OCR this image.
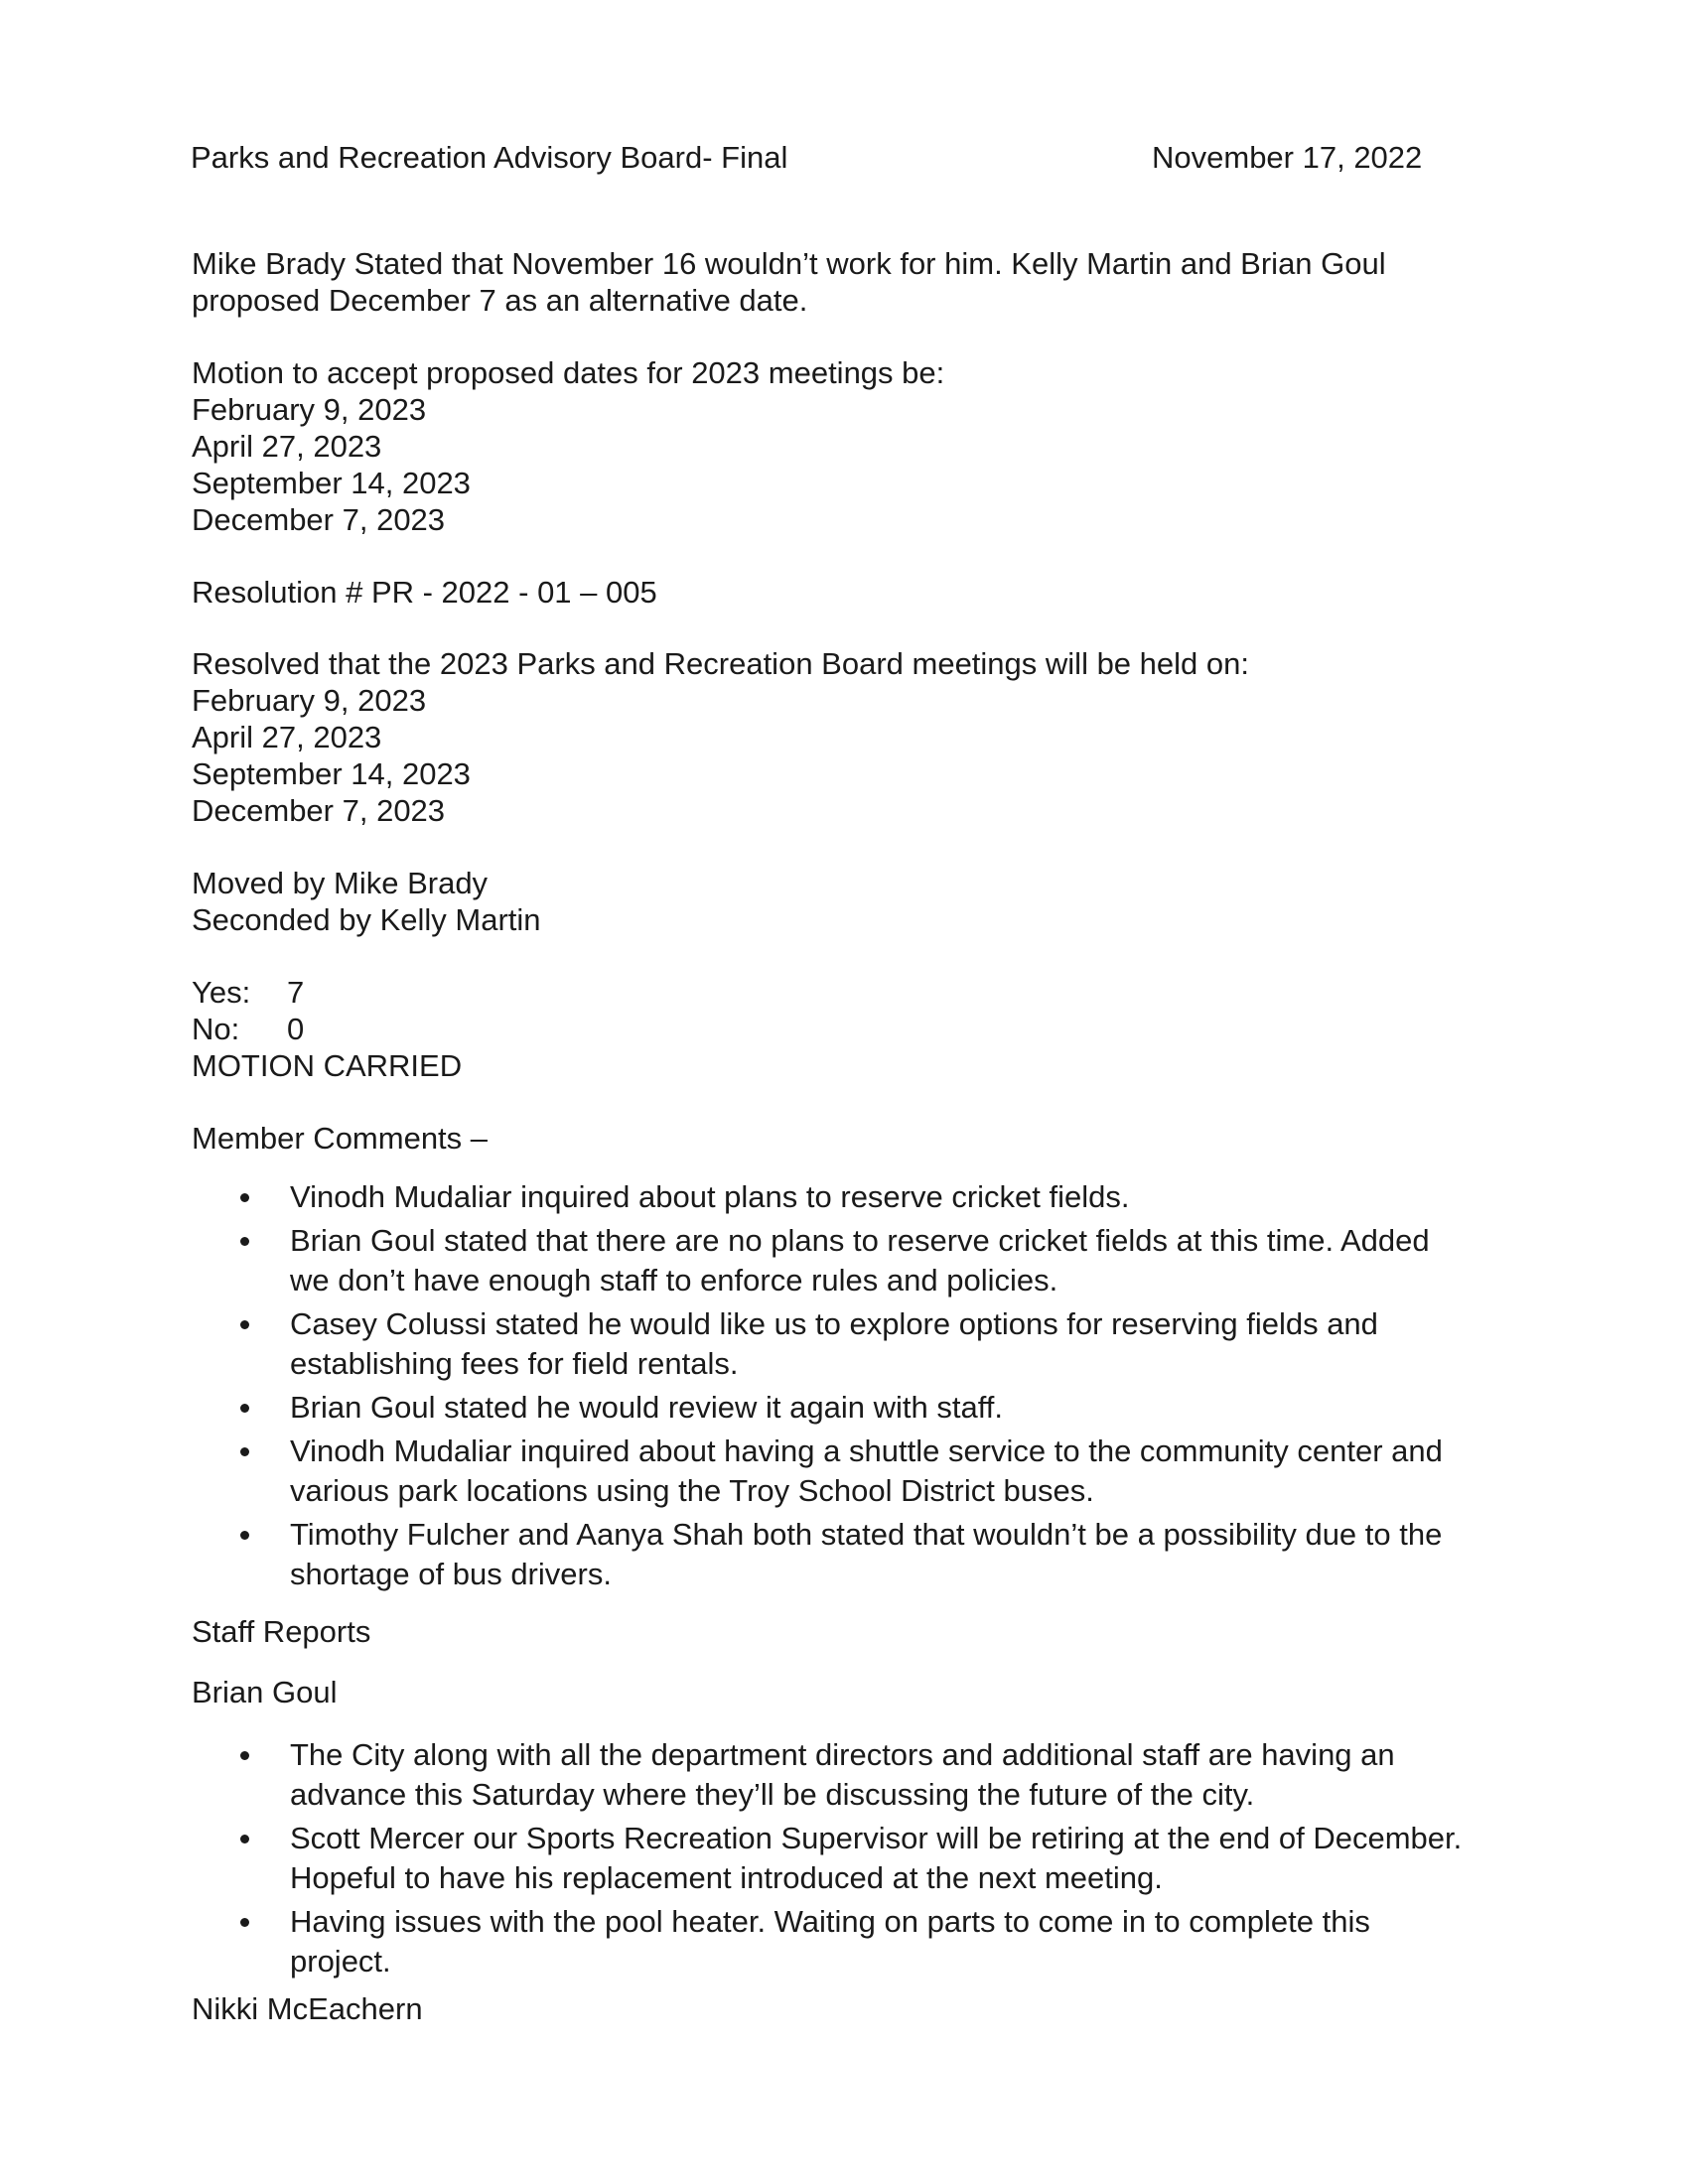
Parks and Recreation Advisory Board- Final	November 17, 2022

Mike Brady Stated that November 16 wouldn’t work for him. Kelly Martin and Brian Goul
proposed December 7 as an alternative date.
Motion to accept proposed dates for 2023 meetings be:
February 9, 2023
April 27, 2023
September 14, 2023
December 7, 2023
Resolution # PR - 2022 - 01 – 005
Resolved that the 2023 Parks and Recreation Board meetings will be held on:
February 9, 2023
April 27, 2023
September 14, 2023
December 7, 2023
Moved by Mike Brady
Seconded by Kelly Martin
Yes: 7
No: 0
MOTION CARRIED
Member Comments –
Vinodh Mudaliar inquired about plans to reserve cricket fields.
Brian Goul stated that there are no plans to reserve cricket fields at this time. Added
we don’t have enough staff to enforce rules and policies.
Casey Colussi stated he would like us to explore options for reserving fields and
establishing fees for field rentals.
Brian Goul stated he would review it again with staff.
Vinodh Mudaliar inquired about having a shuttle service to the community center and
various park locations using the Troy School District buses.
Timothy Fulcher and Aanya Shah both stated that wouldn’t be a possibility due to the
shortage of bus drivers.
Staff Reports
Brian Goul
The City along with all the department directors and additional staff are having an
advance this Saturday where they’ll be discussing the future of the city.
Scott Mercer our Sports Recreation Supervisor will be retiring at the end of December.
Hopeful to have his replacement introduced at the next meeting.
Having issues with the pool heater. Waiting on parts to come in to complete this
project.
Nikki McEachern
